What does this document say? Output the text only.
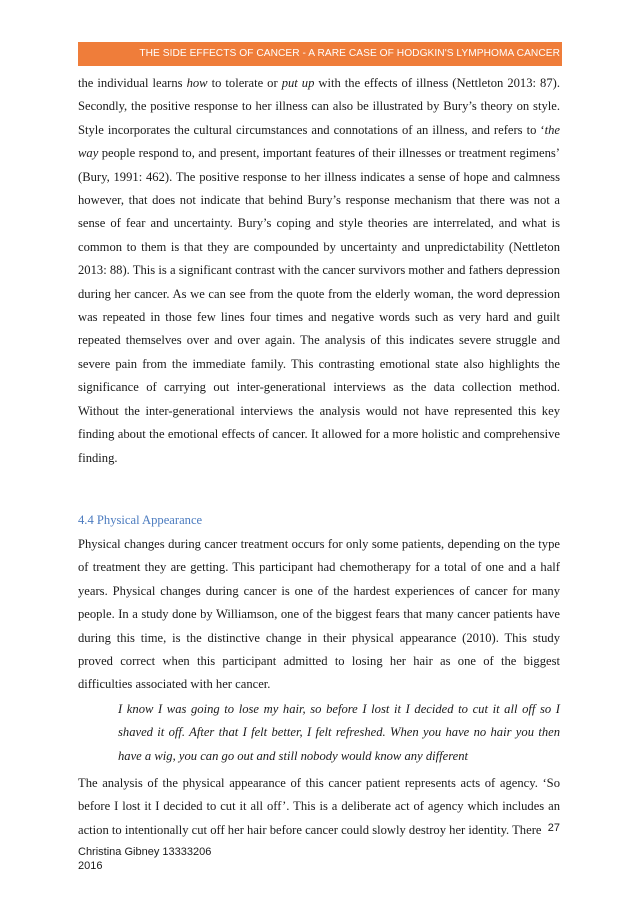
THE SIDE EFFECTS OF CANCER - A RARE CASE OF HODGKIN'S LYMPHOMA CANCER

the individual learns how to tolerate or put up with the effects of illness (Nettleton 2013: 87). Secondly, the positive response to her illness can also be illustrated by Bury’s theory on style. Style incorporates the cultural circumstances and connotations of an illness, and refers to ‘the way people respond to, and present, important features of their illnesses or treatment regimens’ (Bury, 1991: 462). The positive response to her illness indicates a sense of hope and calmness however, that does not indicate that behind Bury’s response mechanism that there was not a sense of fear and uncertainty. Bury’s coping and style theories are interrelated, and what is common to them is that they are compounded by uncertainty and unpredictability (Nettleton 2013: 88). This is a significant contrast with the cancer survivors mother and fathers depression during her cancer. As we can see from the quote from the elderly woman, the word depression was repeated in those few lines four times and negative words such as very hard and guilt repeated themselves over and over again. The analysis of this indicates severe struggle and severe pain from the immediate family. This contrasting emotional state also highlights the significance of carrying out inter-generational interviews as the data collection method. Without the inter-generational interviews the analysis would not have represented this key finding about the emotional effects of cancer. It allowed for a more holistic and comprehensive finding.

4.4 Physical Appearance

Physical changes during cancer treatment occurs for only some patients, depending on the type of treatment they are getting. This participant had chemotherapy for a total of one and a half years. Physical changes during cancer is one of the hardest experiences of cancer for many people. In a study done by Williamson, one of the biggest fears that many cancer patients have during this time, is the distinctive change in their physical appearance (2010). This study proved correct when this participant admitted to losing her hair as one of the biggest difficulties associated with her cancer.

I know I was going to lose my hair, so before I lost it I decided to cut it all off so I shaved it off. After that I felt better, I felt refreshed. When you have no hair you then have a wig, you can go out and still nobody would know any different

The analysis of the physical appearance of this cancer patient represents acts of agency. ‘So before I lost it I decided to cut it all off’. This is a deliberate act of agency which includes an action to intentionally cut off her hair before cancer could slowly destroy her identity. There 27
Christina Gibney 13333206
2016
